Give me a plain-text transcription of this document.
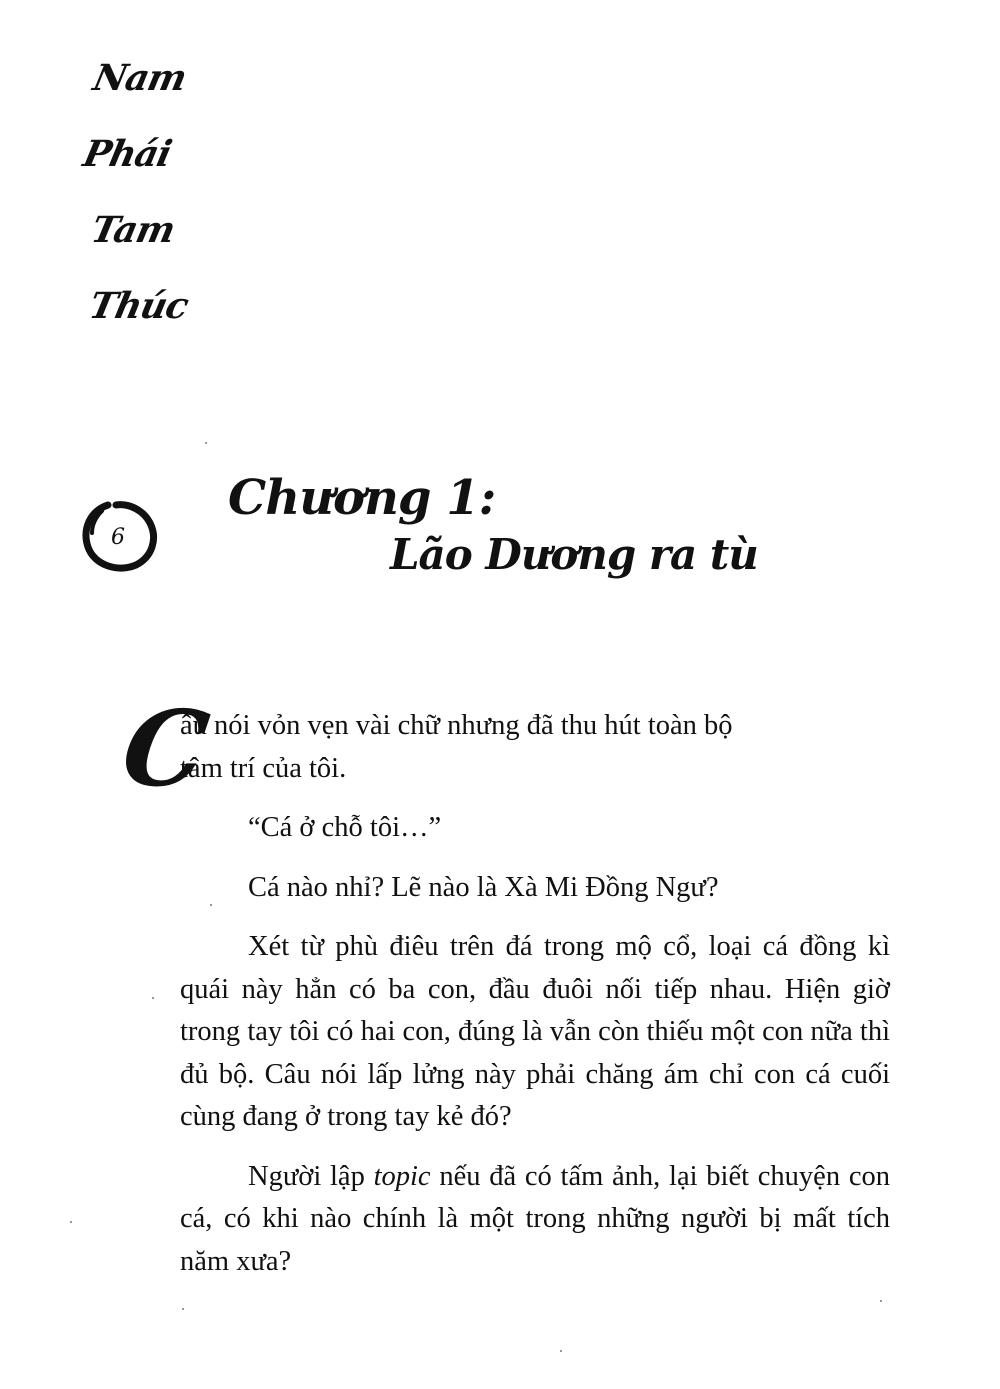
Nam
Phái
Tam
Thúc
6
Chương 1:
Lão Dương ra tù
C
âu nói vỏn vẹn vài chữ nhưng đã thu hút toàn bộ
tâm trí của tôi.

“Cá ở chỗ tôi…”

Cá nào nhỉ? Lẽ nào là Xà Mi Đồng Ngư?

Xét từ phù điêu trên đá trong mộ cổ, loại cá đồng kì quái này hẳn có ba con, đầu đuôi nối tiếp nhau. Hiện giờ trong tay tôi có hai con, đúng là vẫn còn thiếu một con nữa thì đủ bộ. Câu nói lấp lửng này phải chăng ám chỉ con cá cuối cùng đang ở trong tay kẻ đó?

Người lập topic nếu đã có tấm ảnh, lại biết chuyện con cá, có khi nào chính là một trong những người bị mất tích năm xưa?
